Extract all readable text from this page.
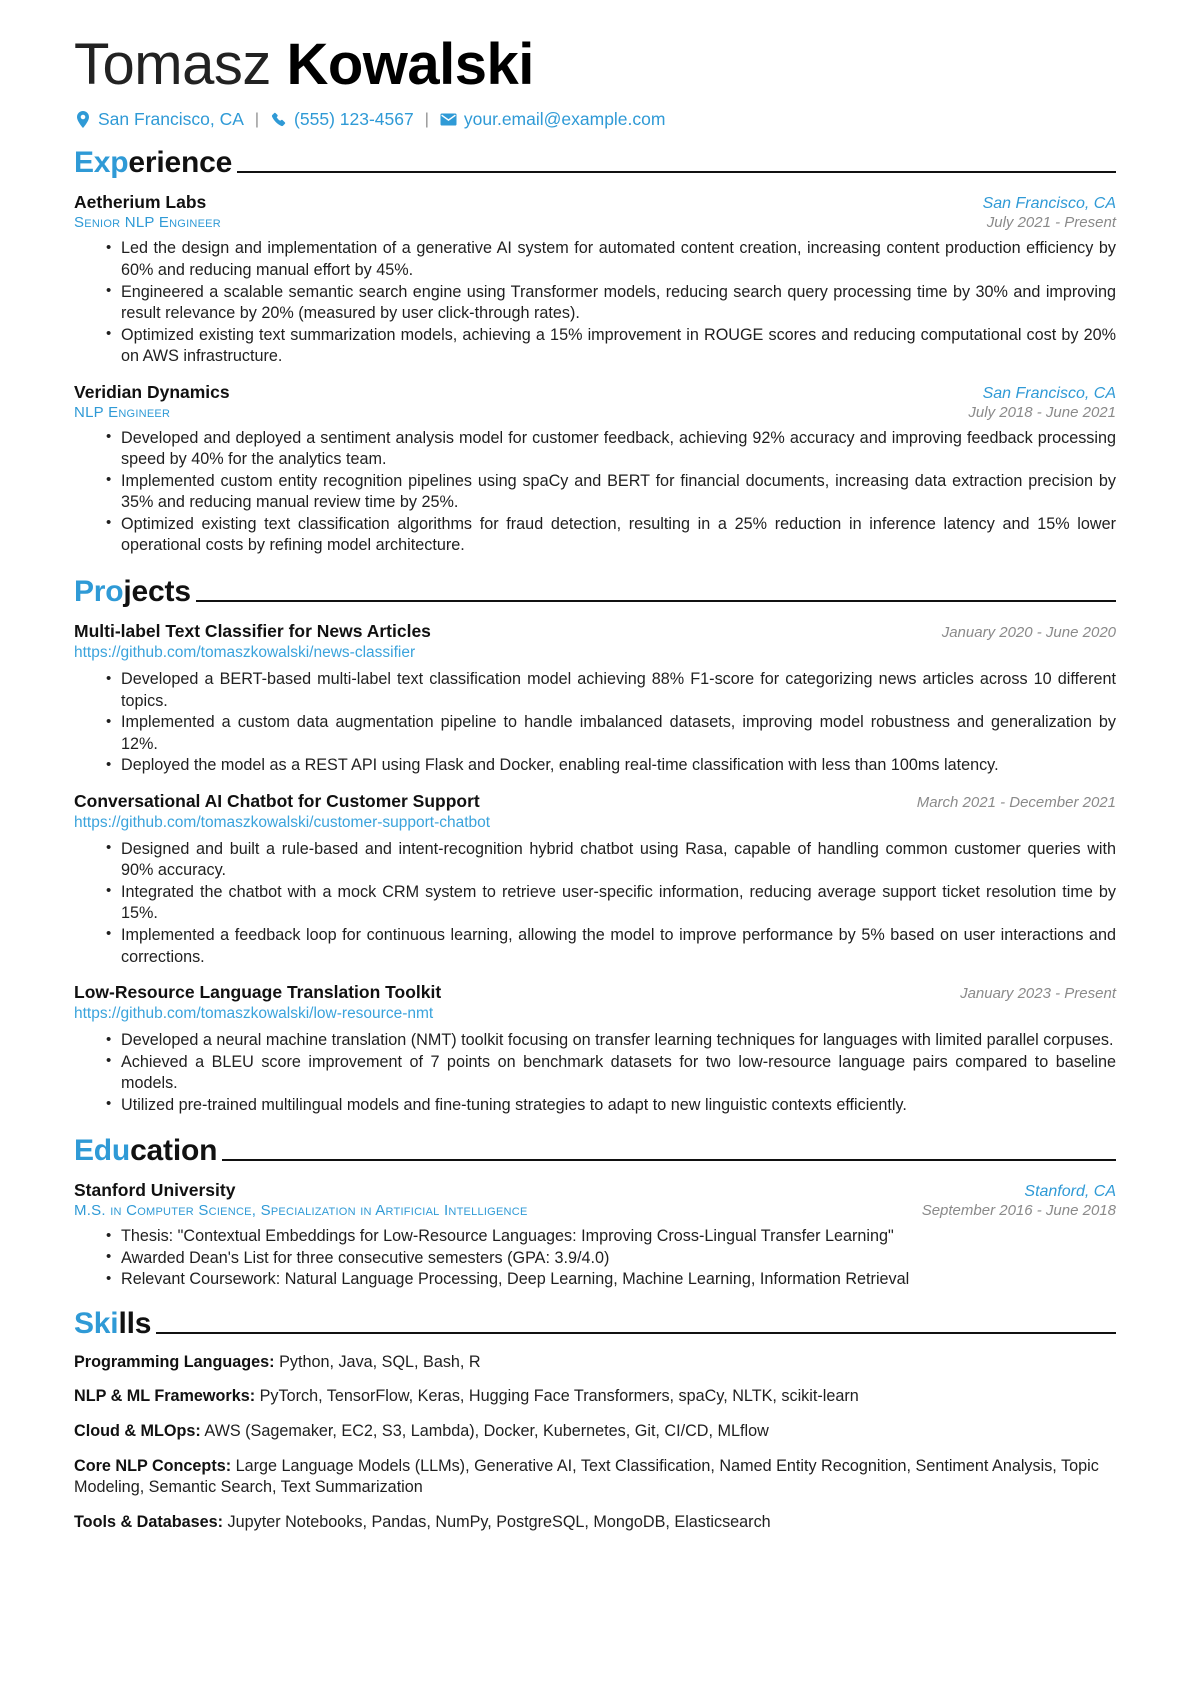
Tomasz Kowalski
San Francisco, CA |	(555) 123-4567 |	your.email@example.com
Experience
Aetherium Labs	San Francisco, CA
Senior NLP Engineer	July 2021 - Present
• Led the design and implementation of a generative AI system for automated content creation, increasing content production efficiency by 60% and reducing manual effort by 45%.
• Engineered a scalable semantic search engine using Transformer models, reducing search query processing time by 30% and improving result relevance by 20% (measured by user click-through rates).
• Optimized existing text summarization models, achieving a 15% improvement in ROUGE scores and reducing computational cost by 20% on AWS infrastructure.
Veridian Dynamics	San Francisco, CA
NLP Engineer	July 2018 - June 2021
• Developed and deployed a sentiment analysis model for customer feedback, achieving 92% accuracy and improving feedback processing speed by 40% for the analytics team.
• Implemented custom entity recognition pipelines using spaCy and BERT for financial documents, increasing data extraction precision by 35% and reducing manual review time by 25%.
• Optimized existing text classification algorithms for fraud detection, resulting in a 25% reduction in inference latency and 15% lower operational costs by refining model architecture.
Projects
Multi-label Text Classifier for News Articles	January 2020 - June 2020
https://github.com/tomaszkowalski/news-classifier
• Developed a BERT-based multi-label text classification model achieving 88% F1-score for categorizing news articles across 10 different topics.
• Implemented a custom data augmentation pipeline to handle imbalanced datasets, improving model robustness and generalization by 12%.
• Deployed the model as a REST API using Flask and Docker, enabling real-time classification with less than 100ms latency.
Conversational AI Chatbot for Customer Support	March 2021 - December 2021
https://github.com/tomaszkowalski/customer-support-chatbot
• Designed and built a rule-based and intent-recognition hybrid chatbot using Rasa, capable of handling common customer queries with 90% accuracy.
• Integrated the chatbot with a mock CRM system to retrieve user-specific information, reducing average support ticket resolution time by 15%.
• Implemented a feedback loop for continuous learning, allowing the model to improve performance by 5% based on user interactions and corrections.
Low-Resource Language Translation Toolkit	January 2023 - Present
https://github.com/tomaszkowalski/low-resource-nmt
• Developed a neural machine translation (NMT) toolkit focusing on transfer learning techniques for languages with limited parallel corpuses.
• Achieved a BLEU score improvement of 7 points on benchmark datasets for two low-resource language pairs compared to baseline models.
• Utilized pre-trained multilingual models and fine-tuning strategies to adapt to new linguistic contexts efficiently.
Education
Stanford University	Stanford, CA
M.S. in Computer Science, Specialization in Artificial Intelligence	September 2016 - June 2018
• Thesis: "Contextual Embeddings for Low-Resource Languages: Improving Cross-Lingual Transfer Learning"
• Awarded Dean's List for three consecutive semesters (GPA: 3.9/4.0)
• Relevant Coursework: Natural Language Processing, Deep Learning, Machine Learning, Information Retrieval
Skills
Programming Languages: Python, Java, SQL, Bash, R
NLP & ML Frameworks: PyTorch, TensorFlow, Keras, Hugging Face Transformers, spaCy, NLTK, scikit-learn
Cloud & MLOps: AWS (Sagemaker, EC2, S3, Lambda), Docker, Kubernetes, Git, CI/CD, MLflow
Core NLP Concepts: Large Language Models (LLMs), Generative AI, Text Classification, Named Entity Recognition, Sentiment Analysis, Topic Modeling, Semantic Search, Text Summarization
Tools & Databases: Jupyter Notebooks, Pandas, NumPy, PostgreSQL, MongoDB, Elasticsearch
